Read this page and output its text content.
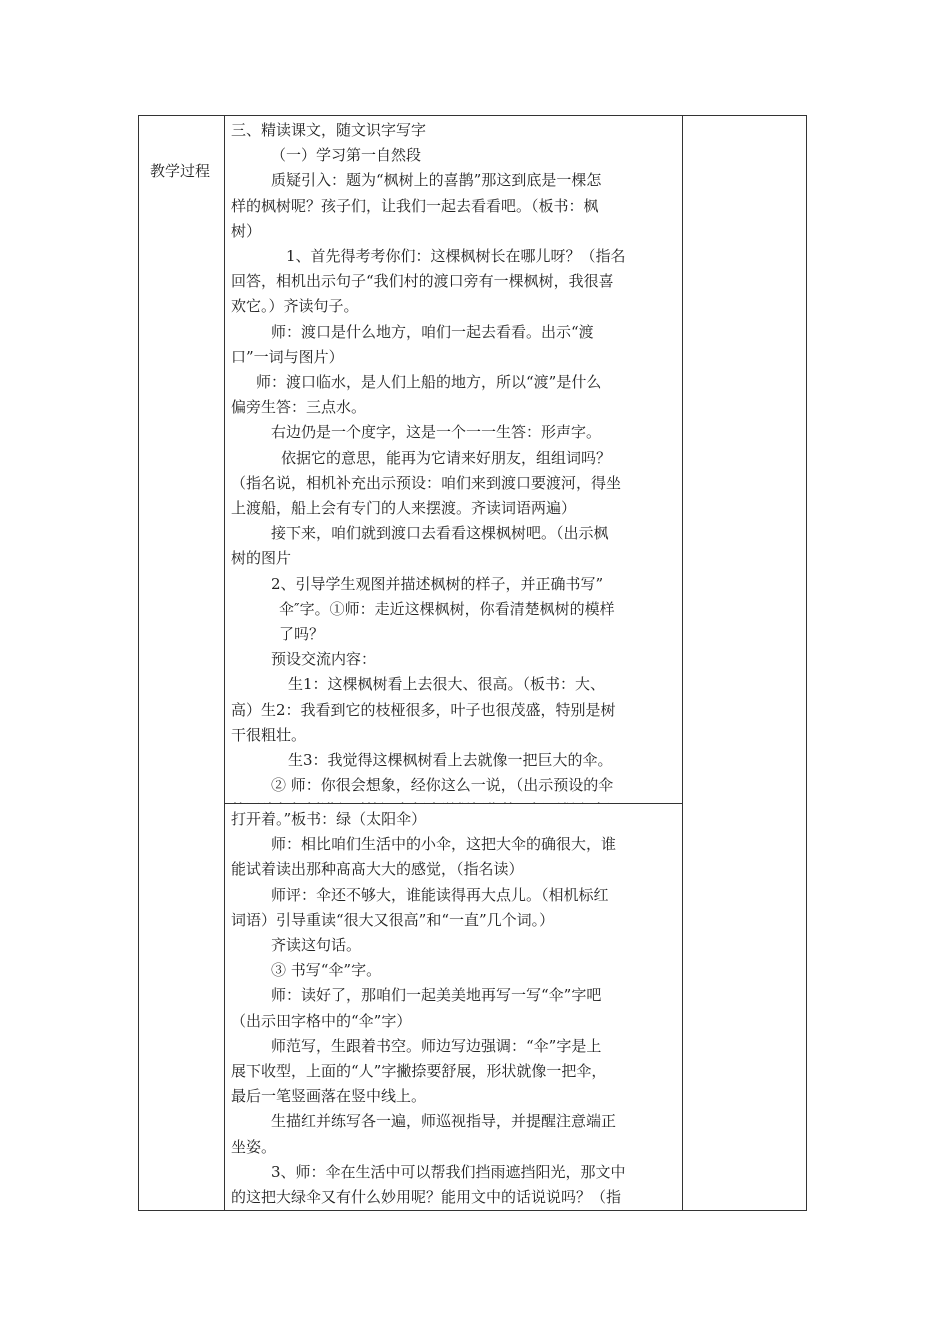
教学过程
三、精读课文，随文识字写字
（一）学习第一自然段
质疑引入：题为“枫树上的喜鹊”那这到底是一棵怎
样的枫树呢？孩子们，让我们一起去看看吧。（板书：枫
树）
1、首先得考考你们：这棵枫树长在哪儿呀？（指名
回答，相机出示句子“我们村的渡口旁有一棵枫树，我很喜
欢它。）齐读句子。
师：渡口是什么地方，咱们一起去看看。出示“渡
口”一词与图片）
师：渡口临水，是人们上船的地方，所以“渡”是什么
偏旁生答：三点水。
右边仍是一个度字，这是一个一一生答：形声字。
依据它的意思，能再为它请来好朋友，组组词吗？
（指名说，相机补充出示预设：咱们来到渡口要渡河，得坐
上渡船，船上会有专门的人来摆渡。齐读词语两遍）
接下来，咱们就到渡口去看看这棵枫树吧。（出示枫
树的图片
2、引导学生观图并描述枫树的样子，并正确书写”
伞″字。①师：走近这棵枫树，你看清楚枫树的模样
了吗？
预设交流内容：
生1：这棵枫树看上去很大、很高。（板书：大、
高）生2：我看到它的枝桠很多，叶子也很茂盛，特别是树
干很粗壮。
生3：我觉得这棵枫树看上去就像一把巨大的伞。
② 师：你很会想象，经你这么一说，（出示预设的伞
打开着。”板书：绿（太阳伞）
师：相比咱们生活中的小伞，这把大伞的确很大，谁
能试着读出那种髙髙大大的感觉，（指名读）
师评：伞还不够大，谁能读得再大点儿。（相机标红
词语）引导重读“很大又很高”和“一直”几个词。）
齐读这句话。
③ 书写“伞”字。
师：读好了，那咱们一起美美地再写一写“伞”字吧
（出示田字格中的“伞”字）
师范写，生跟着书空。师边写边强调：“伞”字是上
展下收型，上面的“人”字撇捺要舒展，形状就像一把伞，
最后一笔竖画落在竖中线上。
生描红并练写各一遍，师巡视指导，并提醒注意端正
坐姿。
3、师：伞在生活中可以帮我们挡雨遮挡阳光，那文中
的这把大绿伞又有什么妙用呢？能用文中的话说说吗？（指
